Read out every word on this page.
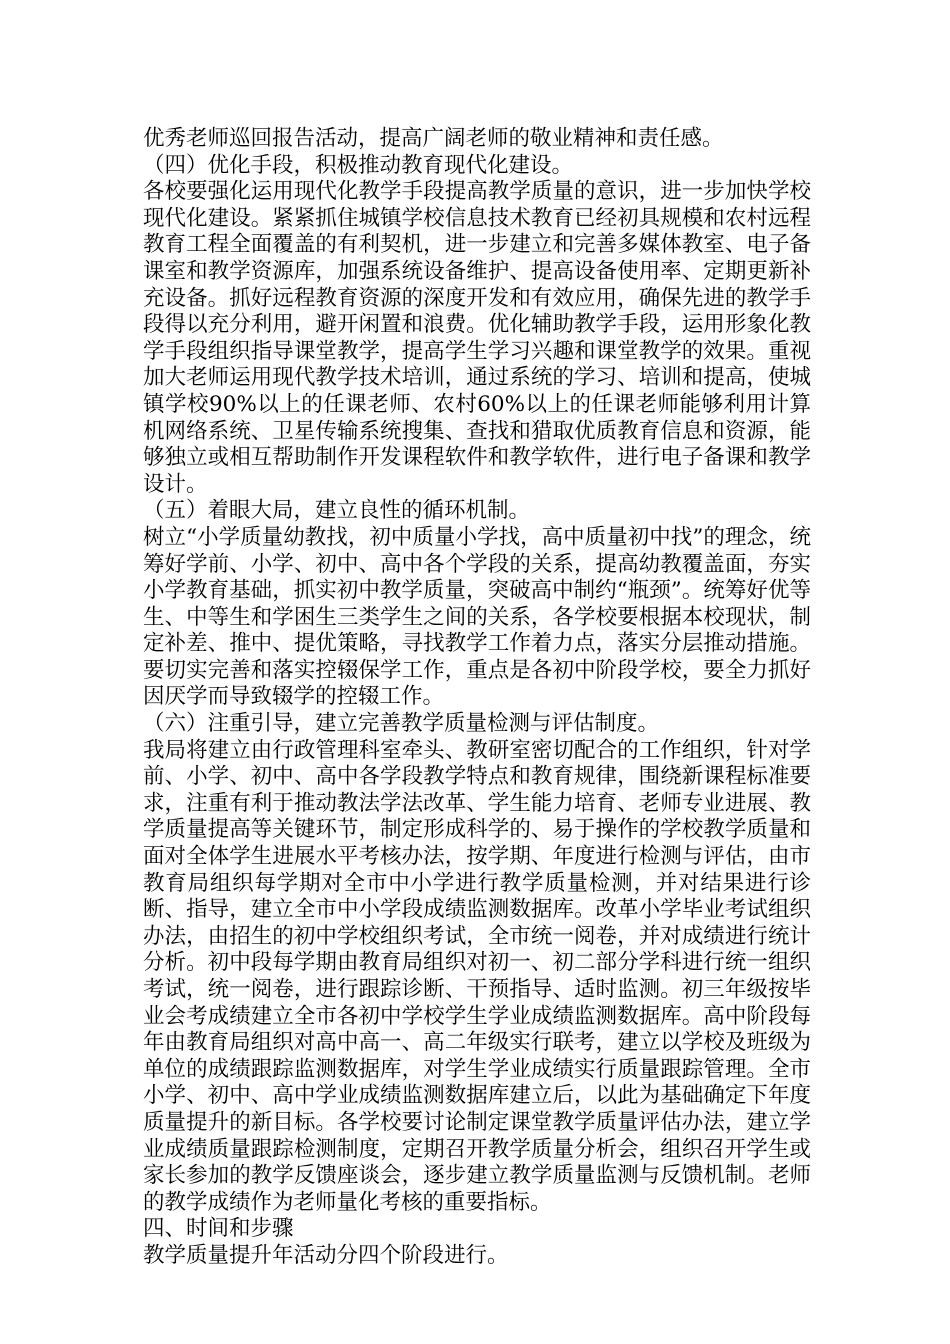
优秀老师巡回报告活动，提高广阔老师的敬业精神和责任感。

（四）优化手段，积极推动教育现代化建设。

各校要强化运用现代化教学手段提高教学质量的意识，进一步加快学校现代化建设。紧紧抓住城镇学校信息技术教育已经初具规模和农村远程教育工程全面覆盖的有利契机，进一步建立和完善多媒体教室、电子备课室和教学资源库，加强系统设备维护、提高设备使用率、定期更新补充设备。抓好远程教育资源的深度开发和有效应用，确保先进的教学手段得以充分利用，避开闲置和浪费。优化辅助教学手段，运用形象化教学手段组织指导课堂教学，提高学生学习兴趣和课堂教学的效果。重视加大老师运用现代教学技术培训，通过系统的学习、培训和提高，使城镇学校90%以上的任课老师、农村60%以上的任课老师能够利用计算机网络系统、卫星传输系统搜集、查找和猎取优质教育信息和资源，能够独立或相互帮助制作开发课程软件和教学软件，进行电子备课和教学设计。

（五）着眼大局，建立良性的循环机制。

树立“小学质量幼教找，初中质量小学找，高中质量初中找”的理念，统筹好学前、小学、初中、高中各个学段的关系，提高幼教覆盖面，夯实小学教育基础，抓实初中教学质量，突破高中制约“瓶颈”。统筹好优等生、中等生和学困生三类学生之间的关系，各学校要根据本校现状，制定补差、推中、提优策略，寻找教学工作着力点，落实分层推动措施。要切实完善和落实控辍保学工作，重点是各初中阶段学校，要全力抓好因厌学而导致辍学的控辍工作。

（六）注重引导，建立完善教学质量检测与评估制度。

我局将建立由行政管理科室牵头、教研室密切配合的工作组织，针对学前、小学、初中、高中各学段教学特点和教育规律，围绕新课程标准要求，注重有利于推动教法学法改革、学生能力培育、老师专业进展、教学质量提高等关键环节，制定形成科学的、易于操作的学校教学质量和面对全体学生进展水平考核办法，按学期、年度进行检测与评估，由市教育局组织每学期对全市中小学进行教学质量检测，并对结果进行诊断、指导，建立全市中小学段成绩监测数据库。改革小学毕业考试组织办法，由招生的初中学校组织考试，全市统一阅卷，并对成绩进行统计分析。初中段每学期由教育局组织对初一、初二部分学科进行统一组织考试，统一阅卷，进行跟踪诊断、干预指导、适时监测。初三年级按毕业会考成绩建立全市各初中学校学生学业成绩监测数据库。高中阶段每年由教育局组织对高中高一、高二年级实行联考，建立以学校及班级为单位的成绩跟踪监测数据库，对学生学业成绩实行质量跟踪管理。全市小学、初中、高中学业成绩监测数据库建立后，以此为基础确定下年度质量提升的新目标。各学校要讨论制定课堂教学质量评估办法，建立学业成绩质量跟踪检测制度，定期召开教学质量分析会，组织召开学生或家长参加的教学反馈座谈会，逐步建立教学质量监测与反馈机制。老师的教学成绩作为老师量化考核的重要指标。

四、时间和步骤

教学质量提升年活动分四个阶段进行。
